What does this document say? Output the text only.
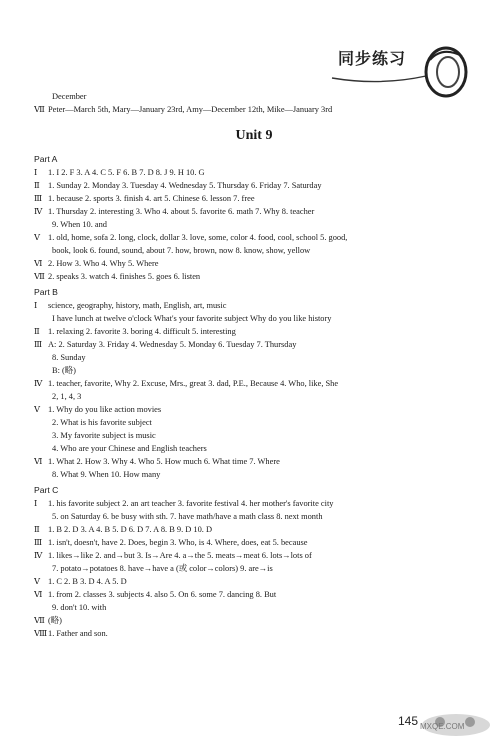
同步练习
December
Ⅶ Peter—March 5th, Mary—January 23rd, Amy—December 12th, Mike—January 3rd
Unit 9
Part A
Ⅰ 1. I 2. F 3. A 4. C 5. F 6. B 7. D 8. J 9. H 10. G
Ⅱ 1. Sunday 2. Monday 3. Tuesday 4. Wednesday 5. Thursday 6. Friday 7. Saturday
Ⅲ 1. because 2. sports 3. finish 4. art 5. Chinese 6. lesson 7. free
Ⅳ 1. Thursday 2. interesting 3. Who 4. about 5. favorite 6. math 7. Why 8. teacher
9. When 10. and
Ⅴ 1. old, home, sofa 2. long, clock, dollar 3. love, some, color 4. food, cool, school 5. good,
book, look 6. found, sound, about 7. how, brown, now 8. know, show, yellow
Ⅵ 2. How 3. Who 4. Why 5. Where
Ⅶ 2. speaks 3. watch 4. finishes 5. goes 6. listen
Part B
Ⅰ science, geography, history, math, English, art, music
I have lunch at twelve o'clock What's your favorite subject Why do you like history
Ⅱ 1. relaxing 2. favorite 3. boring 4. difficult 5. interesting
Ⅲ A: 2. Saturday 3. Friday 4. Wednesday 5. Monday 6. Tuesday 7. Thursday
8. Sunday
B: (略)
Ⅳ 1. teacher, favorite, Why 2. Excuse, Mrs., great 3. dad, P.E., Because 4. Who, like, She
2, 1, 4, 3
Ⅴ 1. Why do you like action movies
2. What is his favorite subject
3. My favorite subject is music
4. Who are your Chinese and English teachers
Ⅵ 1. What 2. How 3. Why 4. Who 5. How much 6. What time 7. Where
8. What 9. When 10. How many
Part C
Ⅰ 1. his favorite subject 2. an art teacher 3. favorite festival 4. her mother's favorite city
5. on Saturday 6. be busy with sth. 7. have math/have a math class 8. next month
Ⅱ 1. B 2. D 3. A 4. B 5. D 6. D 7. A 8. B 9. D 10. D
Ⅲ 1. isn't, doesn't, have 2. Does, begin 3. Who, is 4. Where, does, eat 5. because
Ⅳ 1. likes→like 2. and→but 3. Is→Are 4. a→the 5. meats→meat 6. lots→lots of
7. potato→potatoes 8. have→have a (或 color→colors) 9. are→is
Ⅴ 1. C 2. B 3. D 4. A 5. D
Ⅵ 1. from 2. classes 3. subjects 4. also 5. On 6. some 7. dancing 8. But
9. don't 10. with
Ⅶ (略)
Ⅷ1. Father and son.
145 MXQE.COM
